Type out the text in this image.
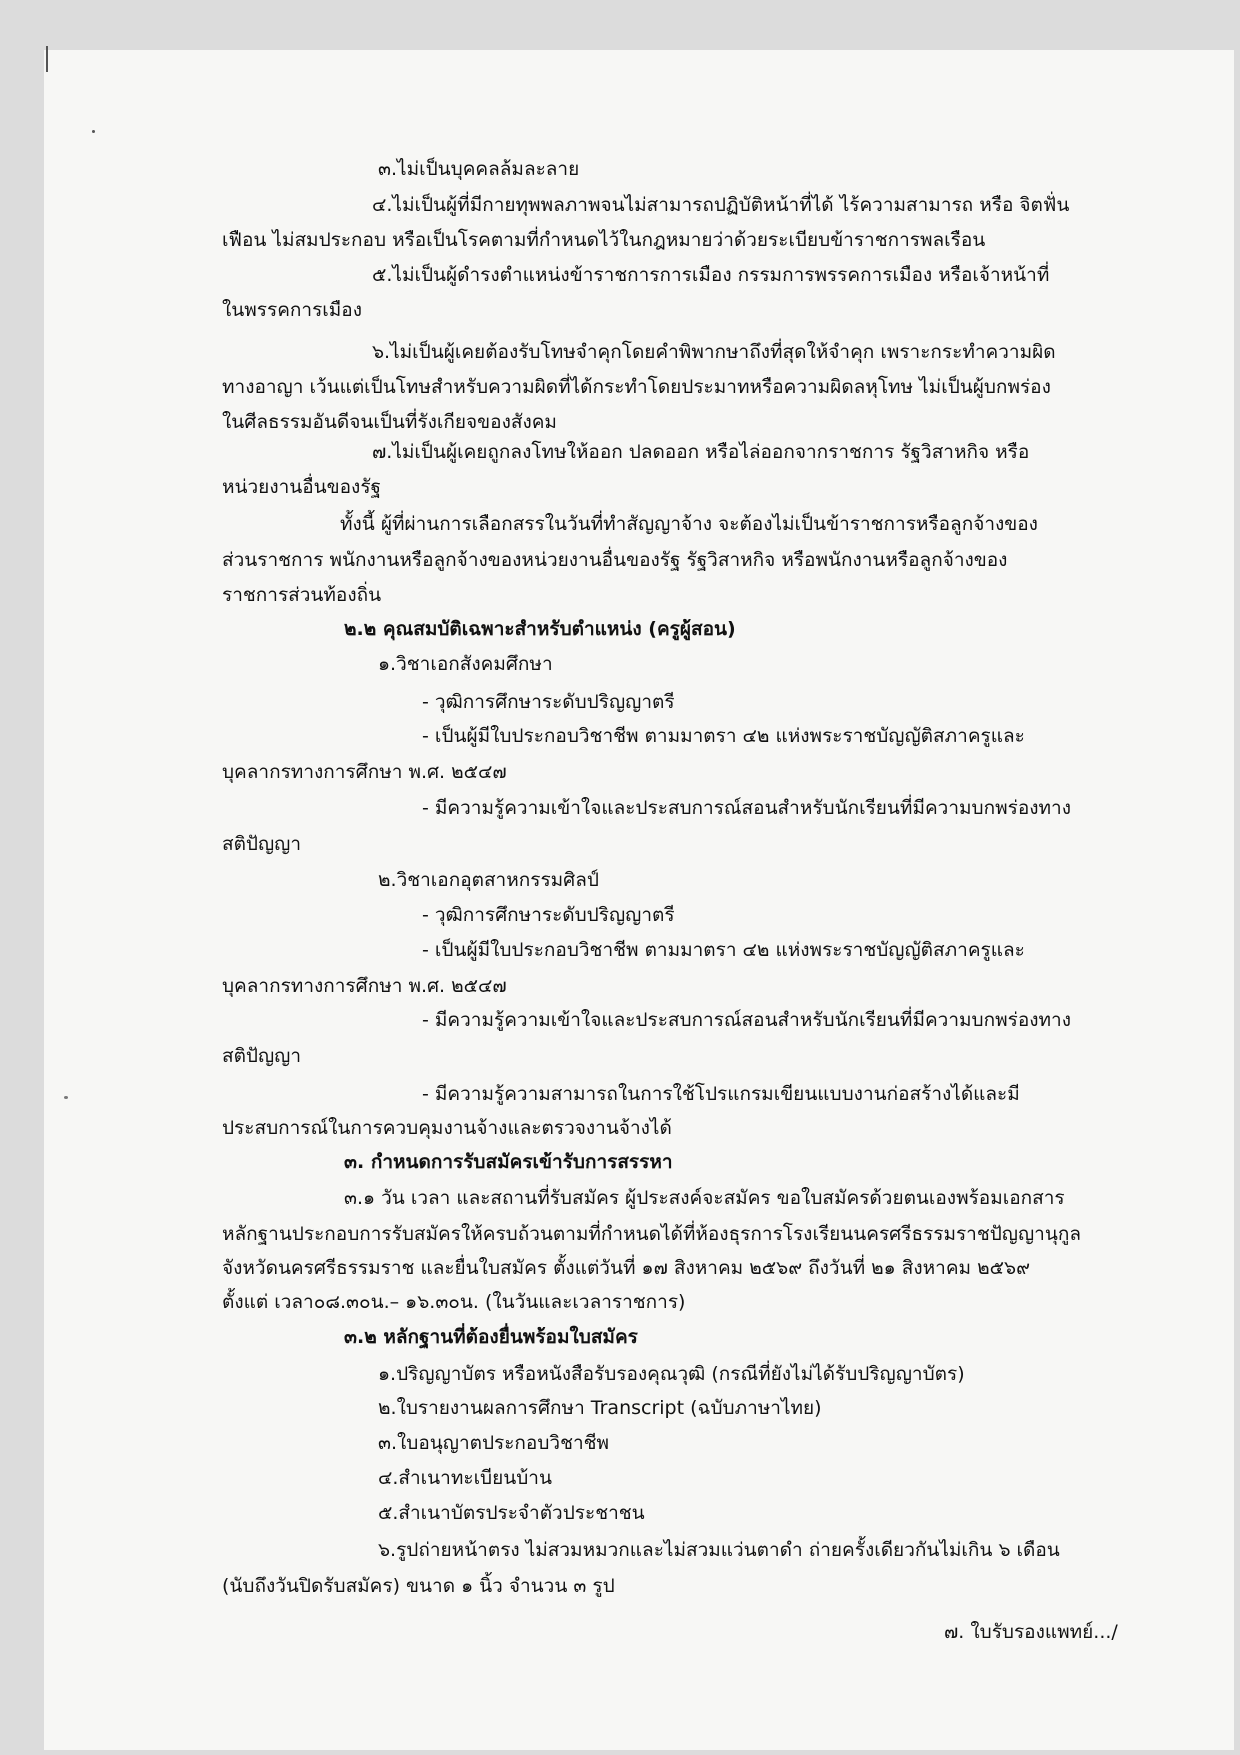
๓.ไม่เป็นบุคคลล้มละลาย
๔.ไม่เป็นผู้ที่มีกายทุพพลภาพจนไม่สามารถปฏิบัติหน้าที่ได้ ไร้ความสามารถ หรือ จิตฟั่น
เฟือน ไม่สมประกอบ หรือเป็นโรคตามที่กำหนดไว้ในกฎหมายว่าด้วยระเบียบข้าราชการพลเรือน
๕.ไม่เป็นผู้ดำรงตำแหน่งข้าราชการการเมือง กรรมการพรรคการเมือง หรือเจ้าหน้าที่
ในพรรคการเมือง
๖.ไม่เป็นผู้เคยต้องรับโทษจำคุกโดยคำพิพากษาถึงที่สุดให้จำคุก เพราะกระทำความผิด
ทางอาญา เว้นแต่เป็นโทษสำหรับความผิดที่ได้กระทำโดยประมาทหรือความผิดลหุโทษ ไม่เป็นผู้บกพร่อง
ในศีลธรรมอันดีจนเป็นที่รังเกียจของสังคม
๗.ไม่เป็นผู้เคยถูกลงโทษให้ออก ปลดออก หรือไล่ออกจากราชการ รัฐวิสาหกิจ หรือ
หน่วยงานอื่นของรัฐ
ทั้งนี้ ผู้ที่ผ่านการเลือกสรรในวันที่ทำสัญญาจ้าง จะต้องไม่เป็นข้าราชการหรือลูกจ้างของ
ส่วนราชการ พนักงานหรือลูกจ้างของหน่วยงานอื่นของรัฐ รัฐวิสาหกิจ หรือพนักงานหรือลูกจ้างของ
ราชการส่วนท้องถิ่น
๒.๒ คุณสมบัติเฉพาะสำหรับตำแหน่ง (ครูผู้สอน)
๑.วิชาเอกสังคมศึกษา
- วุฒิการศึกษาระดับปริญญาตรี
- เป็นผู้มีใบประกอบวิชาชีพ ตามมาตรา ๔๒ แห่งพระราชบัญญัติสภาครูและ
บุคลากรทางการศึกษา พ.ศ. ๒๕๔๗
- มีความรู้ความเข้าใจและประสบการณ์สอนสำหรับนักเรียนที่มีความบกพร่องทาง
สติปัญญา
๒.วิชาเอกอุตสาหกรรมศิลป์
- วุฒิการศึกษาระดับปริญญาตรี
- เป็นผู้มีใบประกอบวิชาชีพ ตามมาตรา ๔๒ แห่งพระราชบัญญัติสภาครูและ
บุคลากรทางการศึกษา พ.ศ. ๒๕๔๗
- มีความรู้ความเข้าใจและประสบการณ์สอนสำหรับนักเรียนที่มีความบกพร่องทาง
สติปัญญา
- มีความรู้ความสามารถในการใช้โปรแกรมเขียนแบบงานก่อสร้างได้และมี
ประสบการณ์ในการควบคุมงานจ้างและตรวจงานจ้างได้
๓. กำหนดการรับสมัครเข้ารับการสรรหา
๓.๑ วัน เวลา และสถานที่รับสมัคร ผู้ประสงค์จะสมัคร ขอใบสมัครด้วยตนเองพร้อมเอกสาร
หลักฐานประกอบการรับสมัครให้ครบถ้วนตามที่กำหนดได้ที่ห้องธุรการโรงเรียนนครศรีธรรมราชปัญญานุกูล
จังหวัดนครศรีธรรมราช และยื่นใบสมัคร ตั้งแต่วันที่ ๑๗ สิงหาคม ๒๕๖๙ ถึงวันที่ ๒๑ สิงหาคม ๒๕๖๙
ตั้งแต่ เวลา๐๘.๓๐น.– ๑๖.๓๐น. (ในวันและเวลาราชการ)
๓.๒ หลักฐานที่ต้องยื่นพร้อมใบสมัคร
๑.ปริญญาบัตร หรือหนังสือรับรองคุณวุฒิ (กรณีที่ยังไม่ได้รับปริญญาบัตร)
๒.ใบรายงานผลการศึกษา Transcript (ฉบับภาษาไทย)
๓.ใบอนุญาตประกอบวิชาชีพ
๔.สำเนาทะเบียนบ้าน
๕.สำเนาบัตรประจำตัวประชาชน
๖.รูปถ่ายหน้าตรง ไม่สวมหมวกและไม่สวมแว่นตาดำ ถ่ายครั้งเดียวกันไม่เกิน ๖ เดือน
(นับถึงวันปิดรับสมัคร) ขนาด ๑ นิ้ว จำนวน ๓ รูป
๗. ใบรับรองแพทย์.../
